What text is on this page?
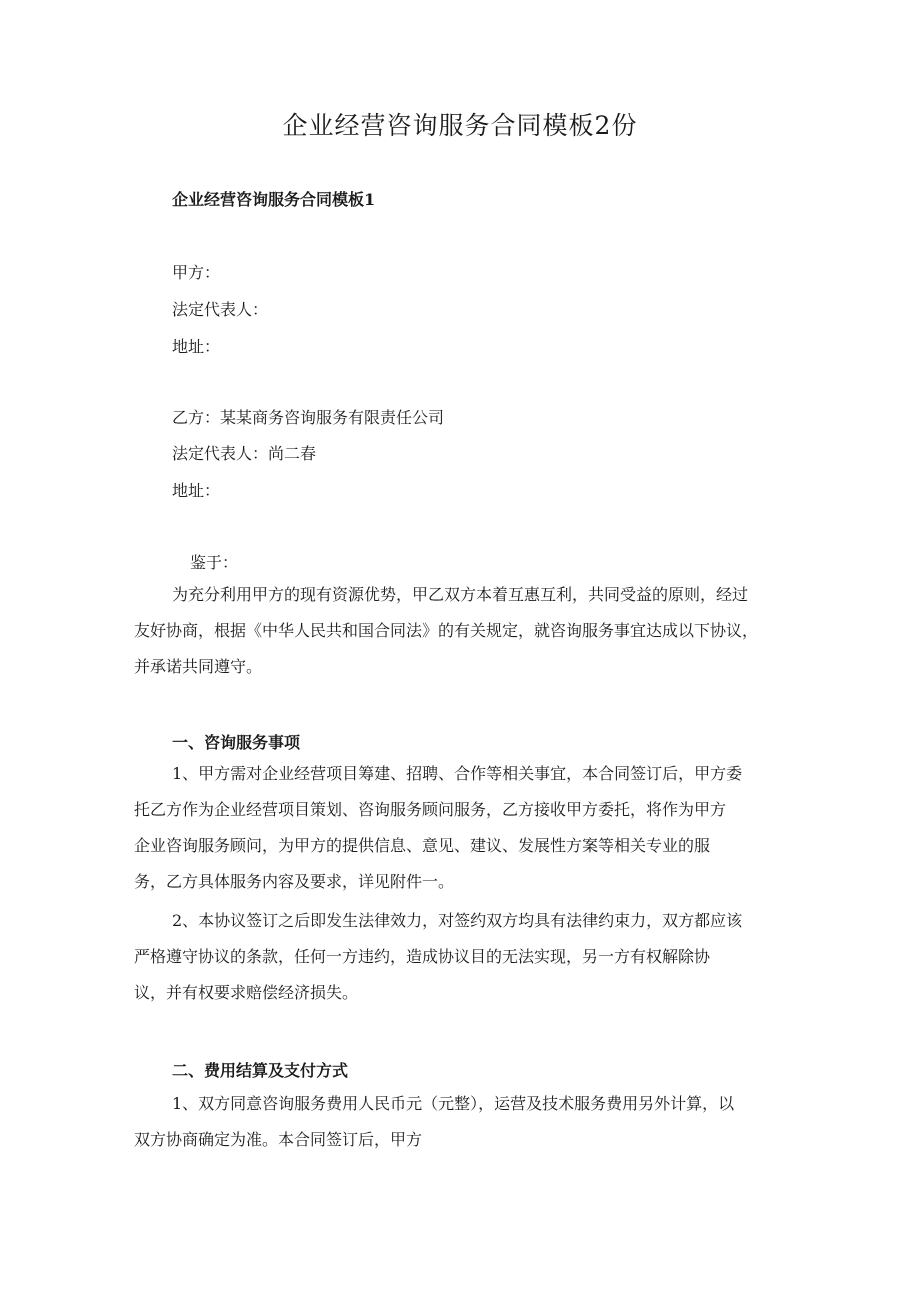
企业经营咨询服务合同模板2份
企业经营咨询服务合同模板1
甲方：
法定代表人：
地址：
乙方：某某商务咨询服务有限责任公司
法定代表人：尚二春
地址：
鉴于：
为充分利用甲方的现有资源优势，甲乙双方本着互惠互利，共同受益的原则，经过
友好协商，根据《中华人民共和国合同法》的有关规定，就咨询服务事宜达成以下协议，
并承诺共同遵守。
一、咨询服务事项
1、甲方需对企业经营项目筹建、招聘、合作等相关事宜，本合同签订后，甲方委
托乙方作为企业经营项目策划、咨询服务顾问服务，乙方接收甲方委托，将作为甲方
企业咨询服务顾问，为甲方的提供信息、意见、建议、发展性方案等相关专业的服
务，乙方具体服务内容及要求，详见附件一。
2、本协议签订之后即发生法律效力，对签约双方均具有法律约束力，双方都应该
严格遵守协议的条款，任何一方违约，造成协议目的无法实现，另一方有权解除协
议，并有权要求赔偿经济损失。
二、费用结算及支付方式
1、双方同意咨询服务费用人民币元（元整），运营及技术服务费用另外计算，以
双方协商确定为准。本合同签订后，甲方
